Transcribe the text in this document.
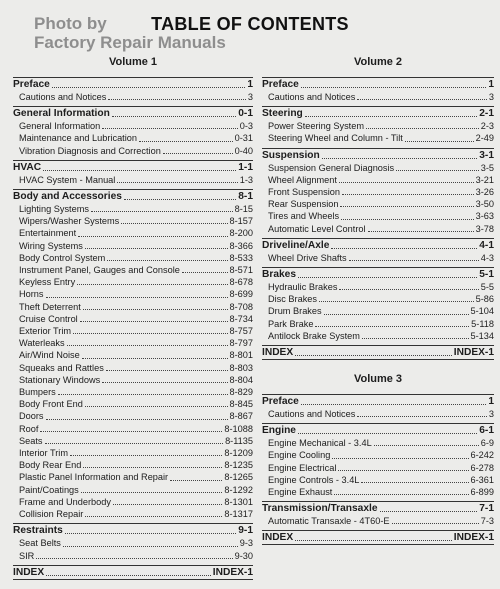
Photo by
Factory Repair Manuals
TABLE OF CONTENTS
Volume 1
Preface	1
Cautions and Notices	3
General Information	0-1
General Information	0-3
Maintenance and Lubrication	0-31
Vibration Diagnosis and Correction	0-40
HVAC	1-1
HVAC System - Manual	1-3
Body and Accessories	8-1
Lighting Systems	8-15
Wipers/Washer Systems	8-157
Entertainment	8-200
Wiring Systems	8-366
Body Control System	8-533
Instrument Panel, Gauges and Console	8-571
Keyless Entry	8-678
Horns	8-699
Theft Deterrent	8-708
Cruise Control	8-734
Exterior Trim	8-757
Waterleaks	8-797
Air/Wind Noise	8-801
Squeaks and Rattles	8-803
Stationary Windows	8-804
Bumpers	8-829
Body Front End	8-845
Doors	8-867
Roof	8-1088
Seats	8-1135
Interior Trim	8-1209
Body Rear End	8-1235
Plastic Panel Information and Repair	8-1265
Paint/Coatings	8-1292
Frame and Underbody	8-1301
Collision Repair	8-1317
Restraints	9-1
Seat Belts	9-3
SIR	9-30
INDEX	INDEX-1
Volume 2
Preface	1
Cautions and Notices	3
Steering	2-1
Power Steering System	2-3
Steering Wheel and Column - Tilt	2-49
Suspension	3-1
Suspension General Diagnosis	3-5
Wheel Alignment	3-21
Front Suspension	3-26
Rear Suspension	3-50
Tires and Wheels	3-63
Automatic Level Control	3-78
Driveline/Axle	4-1
Wheel Drive Shafts	4-3
Brakes	5-1
Hydraulic Brakes	5-5
Disc Brakes	5-86
Drum Brakes	5-104
Park Brake	5-118
Antilock Brake System	5-134
INDEX	INDEX-1
Volume 3
Preface	1
Cautions and Notices	3
Engine	6-1
Engine Mechanical - 3.4L	6-9
Engine Cooling	6-242
Engine Electrical	6-278
Engine Controls - 3.4L	6-361
Engine Exhaust	6-899
Transmission/Transaxle	7-1
Automatic Transaxle - 4T60-E	7-3
INDEX	INDEX-1
